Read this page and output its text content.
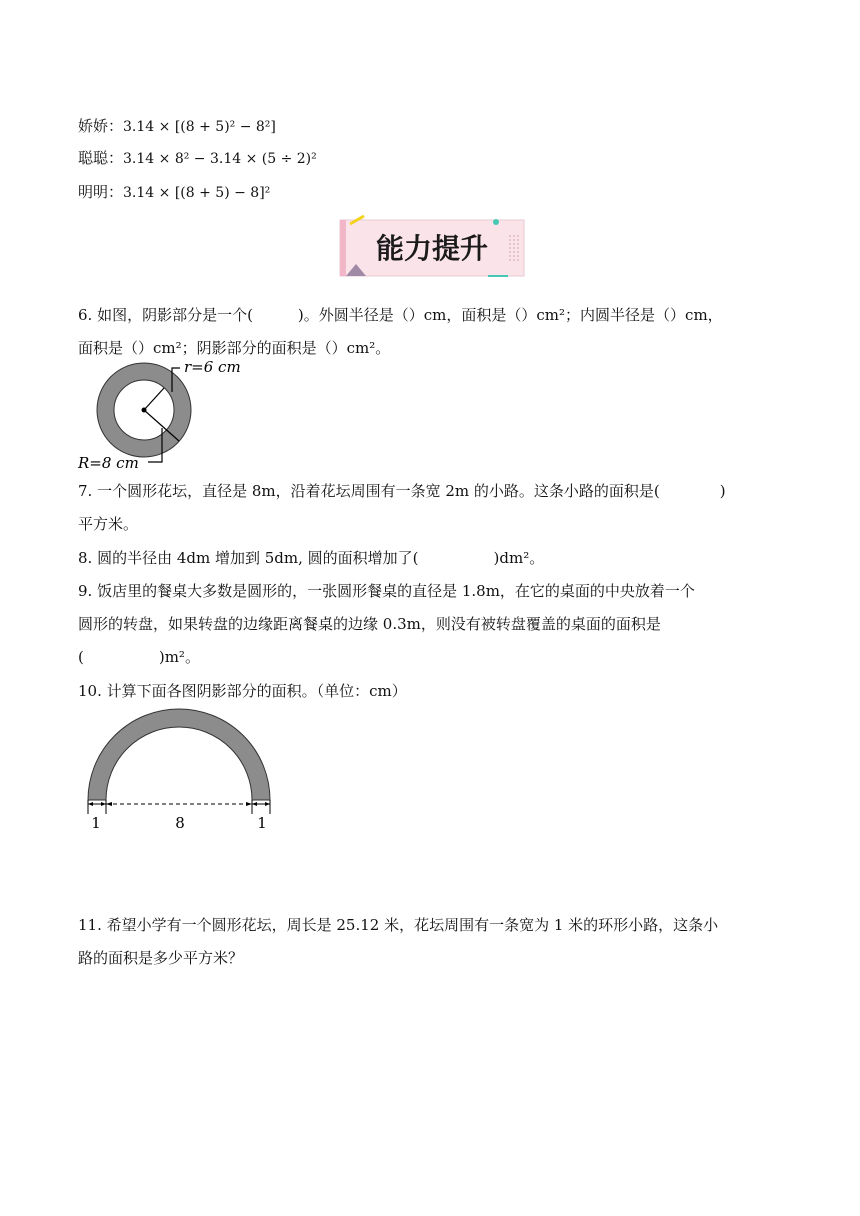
娇娇：3.14 × [(8 + 5)² − 8²]
聪聪：3.14 × 8² − 3.14 × (5 ÷ 2)²
明明：3.14 × [(8 + 5) − 8]²
能力提升
6. 如图，阴影部分是一个(　　　)。外圆半径是（）cm，面积是（）cm²；内圆半径是（）cm，
面积是（）cm²；阴影部分的面积是（）cm²。
r=6 cm
R=8 cm
7. 一个圆形花坛，直径是 8m，沿着花坛周围有一条宽 2m 的小路。这条小路的面积是(　　　　)
平方米。
8. 圆的半径由 4dm 增加到 5dm, 圆的面积增加了(　　　　　)dm²。
9. 饭店里的餐桌大多数是圆形的，一张圆形餐桌的直径是 1.8m，在它的桌面的中央放着一个
圆形的转盘，如果转盘的边缘距离餐桌的边缘 0.3m，则没有被转盘覆盖的桌面的面积是
(　　　　　)m²。
10. 计算下面各图阴影部分的面积。（单位：cm）
1	8	1
11. 希望小学有一个圆形花坛，周长是 25.12 米，花坛周围有一条宽为 1 米的环形小路，这条小
路的面积是多少平方米？
